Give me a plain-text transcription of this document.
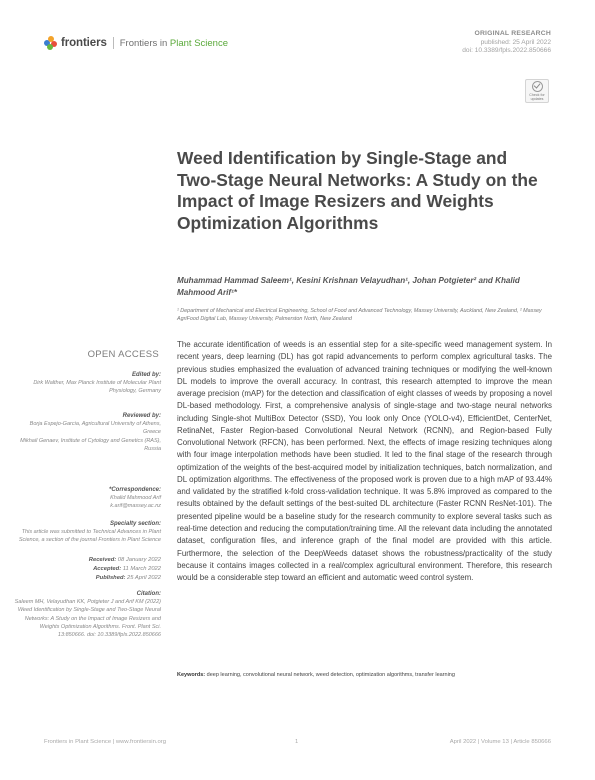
frontiers Frontiers in Plant Science
ORIGINAL RESEARCH
published: 25 April 2022
doi: 10.3389/fpls.2022.850666
Check for updates
Weed Identification by Single-Stage and Two-Stage Neural Networks: A Study on the Impact of Image Resizers and Weights Optimization Algorithms

Muhammad Hammad Saleem¹, Kesini Krishnan Velayudhan¹, Johan Potgieter² and Khalid Mahmood Arif¹*

¹ Department of Mechanical and Electrical Engineering, School of Food and Advanced Technology, Massey University, Auckland, New Zealand, ² Massey AgriFood Digital Lab, Massey University, Palmerston North, New Zealand

The accurate identification of weeds is an essential step for a site-specific weed management system. In recent years, deep learning (DL) has got rapid advancements to perform complex agricultural tasks. The previous studies emphasized the evaluation of advanced training techniques or modifying the well-known DL models to improve the overall accuracy. In contrast, this research attempted to improve the mean average precision (mAP) for the detection and classification of eight classes of weeds by proposing a novel DL-based methodology. First, a comprehensive analysis of single-stage and two-stage neural networks including Single-shot MultiBox Detector (SSD), You look only Once (YOLO-v4), EfficientDet, CenterNet, RetinaNet, Faster Region-based Convolutional Neural Network (RCNN), and Region-based Fully Convolutional Network (RFCN), has been performed. Next, the effects of image resizing techniques along with four image interpolation methods have been studied. It led to the final stage of the research through optimization of the weights of the best-acquired model by initialization techniques, batch normalization, and DL optimization algorithms. The effectiveness of the proposed work is proven due to a high mAP of 93.44% and validated by the stratified k-fold cross-validation technique. It was 5.8% improved as compared to the results obtained by the default settings of the best-suited DL architecture (Faster RCNN ResNet-101). The presented pipeline would be a baseline study for the research community to explore several tasks such as real-time detection and reducing the computation/training time. All the relevant data including the annotated dataset, configuration files, and inference graph of the final model are provided with this article. Furthermore, the selection of the DeepWeeds dataset shows the robustness/practicality of the study because it contains images collected in a real/complex agricultural environment. Therefore, this research would be a considerable step toward an efficient and automatic weed control system.

Keywords: deep learning, convolutional neural network, weed detection, optimization algorithms, transfer learning

OPEN ACCESS
Edited by:
Dirk Walther, Max Planck Institute of Molecular Plant Physiology, Germany
Reviewed by:
Borja Espejo-Garcia, Agricultural University of Athens, Greece
Mikhail Genaev, Institute of Cytology and Genetics (RAS), Russia
*Correspondence:
Khalid Mahmood Arif
k.arif@massey.ac.nz
Specialty section:
This article was submitted to Technical Advances in Plant Science, a section of the journal Frontiers in Plant Science
Received: 08 January 2022
Accepted: 11 March 2022
Published: 25 April 2022
Citation:
Saleem MH, Velayudhan KK, Potgieter J and Arif KM (2022) Weed Identification by Single-Stage and Two-Stage Neural Networks: A Study on the Impact of Image Resizers and Weights Optimization Algorithms. Front. Plant Sci. 13:850666. doi: 10.3389/fpls.2022.850666
Frontiers in Plant Science | www.frontiersin.org	1	April 2022 | Volume 13 | Article 850666
